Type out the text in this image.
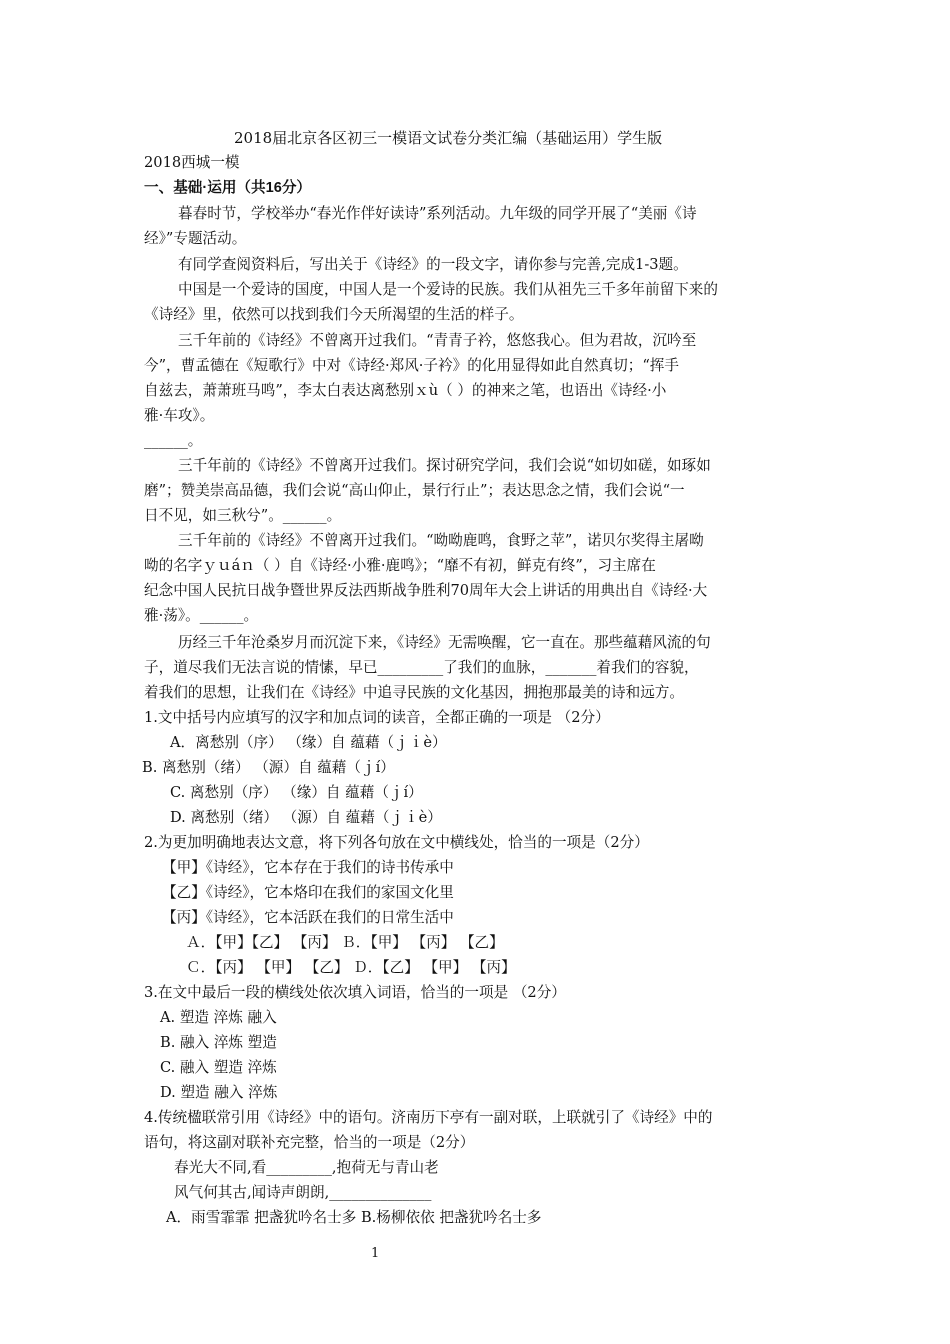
2018届北京各区初三一模语文试卷分类汇编（基础运用）学生版
2018西城一模
一、基础·运用（共16分）
暮春时节，学校举办“春光作伴好读诗”系列活动。九年级的同学开展了“美丽《诗
经》”专题活动。
有同学查阅资料后，写出关于《诗经》的一段文字，请你参与完善,完成1-3题。
中国是一个爱诗的国度，中国人是一个爱诗的民族。我们从祖先三千多年前留下来的
《诗经》里，依然可以找到我们今天所渴望的生活的样子。
三千年前的《诗经》不曾离开过我们。“青青子衿，悠悠我心。但为君故，沉吟至
今”，曹孟德在《短歌行》中对《诗经·郑风·子衿》的化用显得如此自然真切；“挥手
自兹去，萧萧班马鸣”，李太白表达离愁别ｘù（ ）的神来之笔，也语出《诗经·小
雅·车攻》。
______。
三千年前的《诗经》不曾离开过我们。探讨研究学问，我们会说“如切如磋，如琢如
磨”；赞美崇高品德，我们会说“高山仰止，景行行止”；表达思念之情，我们会说“一
日不见，如三秋兮”。______。
三千年前的《诗经》不曾离开过我们。“呦呦鹿鸣，食野之苹”，诺贝尔奖得主屠呦
呦的名字ｙｕáｎ（ ）自《诗经·小雅·鹿鸣》；“靡不有初，鲜克有终”，习主席在
纪念中国人民抗日战争暨世界反法西斯战争胜利70周年大会上讲话的用典出自《诗经·大
雅·荡》。______。
历经三千年沧桑岁月而沉淀下来，《诗经》无需唤醒，它一直在。那些蕴藉风流的句
子，道尽我们无法言说的情愫，早已_________了我们的血脉，_______着我们的容貌，
着我们的思想，让我们在《诗经》中追寻民族的文化基因，拥抱那最美的诗和远方。
1.文中括号内应填写的汉字和加点词的读音，全都正确的一项是 （2分）
A．离愁别（序） （缘）自 蕴藉（ｊｉè）
B. 离愁别（绪） （源）自 蕴藉（ｊí）
C. 离愁别（序） （缘）自 蕴藉（ｊí）
D. 离愁别（绪） （源）自 蕴藉（ｊｉè）
2.为更加明确地表达文意，将下列各句放在文中横线处，恰当的一项是（2分）
【甲】《诗经》，它本存在于我们的诗书传承中
【乙】《诗经》，它本烙印在我们的家国文化里
【丙】《诗经》，它本活跃在我们的日常生活中
Ａ．【甲】【乙】 【丙】 Ｂ．【甲】 【丙】 【乙】
Ｃ．【丙】 【甲】 【乙】 Ｄ．【乙】 【甲】 【丙】
3.在文中最后一段的横线处依次填入词语，恰当的一项是 （2分）
A. 塑造 淬炼 融入
B. 融入 淬炼 塑造
C. 融入 塑造 淬炼
D. 塑造 融入 淬炼
4.传统楹联常引用《诗经》中的语句。济南历下亭有一副对联，上联就引了《诗经》中的
语句，将这副对联补充完整，恰当的一项是（2分）
春光大不同,看_________,抱荷无与青山老
风气何其古,闻诗声朗朗,______________
A．雨雪霏霏 把盏犹吟名士多 B.杨柳依依 把盏犹吟名士多
1
